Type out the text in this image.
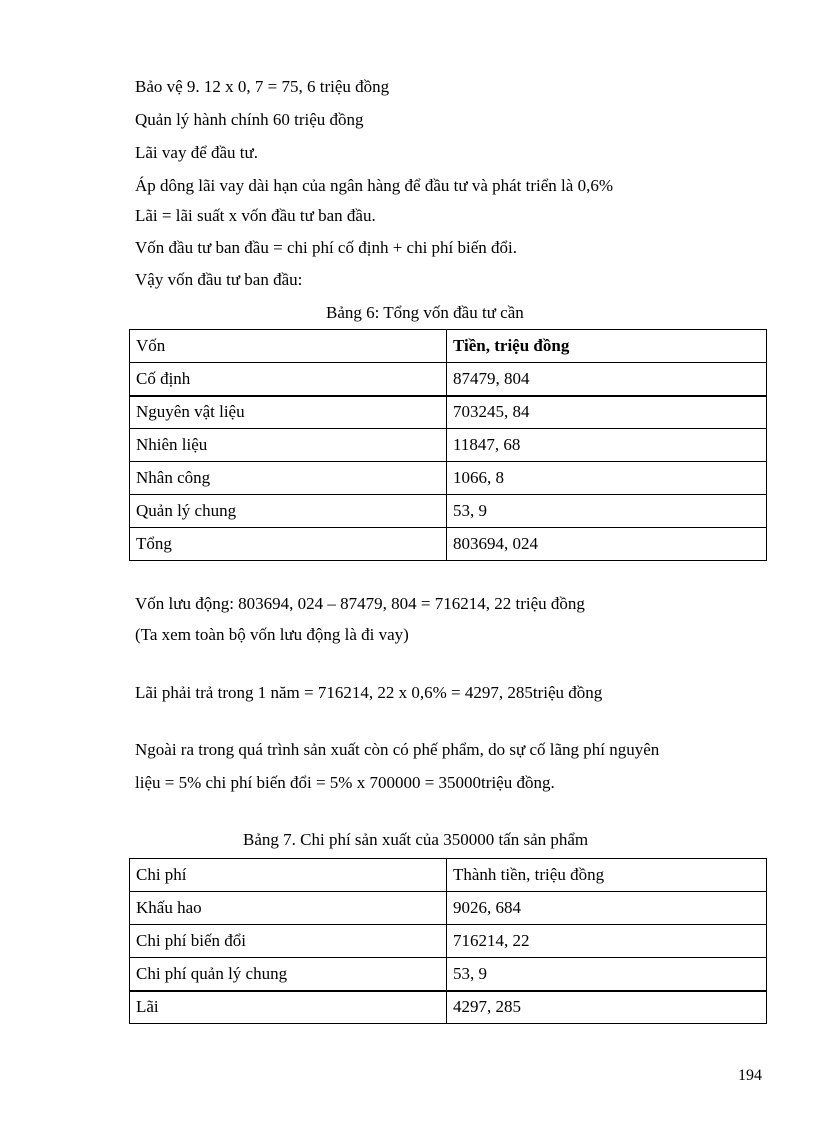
Bảo vệ 9. 12 x 0, 7 = 75, 6 triệu đồng
Quản lý hành chính 60 triệu đồng
Lãi vay để đầu tư.
Áp dông lãi vay dài hạn của ngân hàng để đầu tư và phát triển là 0,6%
Lãi = lãi suất x vốn đầu tư ban đầu.
Vốn đầu tư ban đầu = chi phí cố định + chi phí biến đổi.
Vậy vốn đầu tư ban đầu:
Bảng 6: Tổng vốn đầu tư cần
Vốn	Tiền, triệu đồng
Cố định	87479, 804
Nguyên vật liệu	703245, 84
Nhiên liệu	11847, 68
Nhân công	1066, 8
Quản lý chung	53, 9
Tổng	803694, 024
Vốn lưu động: 803694, 024 – 87479, 804 = 716214, 22 triệu đồng
(Ta xem toàn bộ vốn lưu động là đi vay)
Lãi phải trả trong 1 năm = 716214, 22 x 0,6% = 4297, 285triệu đồng
Ngoài ra trong quá trình sản xuất còn có phế phẩm, do sự cố lãng phí nguyên
liệu = 5% chi phí biến đổi = 5% x 700000 = 35000triệu đồng.
Bảng 7. Chi phí sản xuất của 350000 tấn sản phẩm
Chi phí	Thành tiền, triệu đồng
Khấu hao	9026, 684
Chi phí biến đổi	716214, 22
Chi phí quản lý chung	53, 9
Lãi	4297, 285
194
